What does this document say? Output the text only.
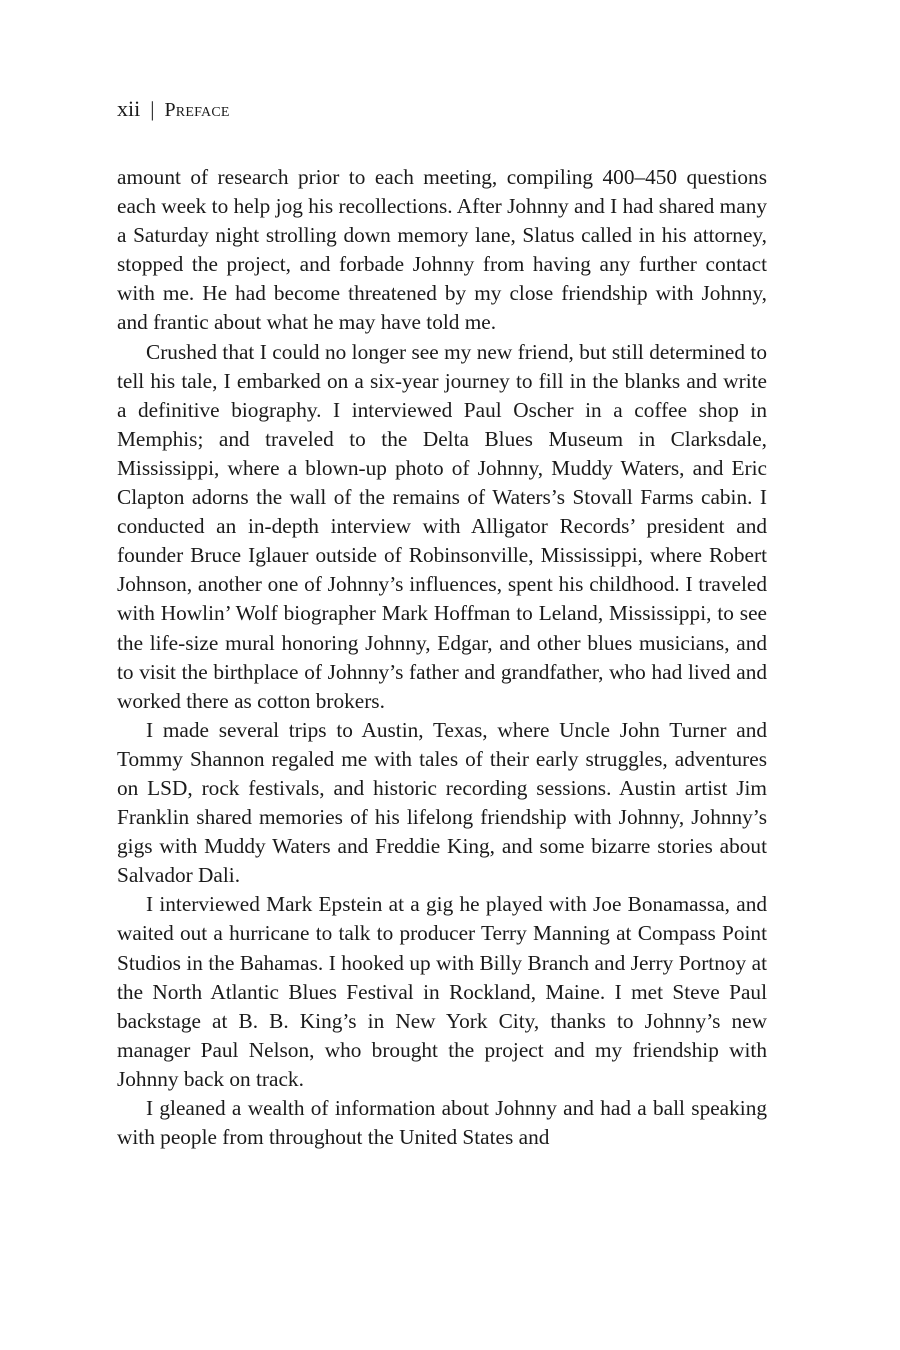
xii | Preface

amount of research prior to each meeting, compiling 400–450 questions each week to help jog his recollections. After Johnny and I had shared many a Saturday night strolling down memory lane, Slatus called in his attorney, stopped the project, and forbade Johnny from having any further contact with me. He had become threatened by my close friendship with Johnny, and frantic about what he may have told me.

Crushed that I could no longer see my new friend, but still determined to tell his tale, I embarked on a six-year journey to fill in the blanks and write a definitive biography. I interviewed Paul Oscher in a coffee shop in Memphis; and traveled to the Delta Blues Museum in Clarksdale, Mississippi, where a blown-up photo of Johnny, Muddy Waters, and Eric Clapton adorns the wall of the remains of Waters’s Stovall Farms cabin. I conducted an in-depth interview with Alligator Records’ president and founder Bruce Iglauer outside of Robinsonville, Mississippi, where Robert Johnson, another one of Johnny’s influences, spent his childhood. I traveled with Howlin’ Wolf biographer Mark Hoffman to Leland, Mississippi, to see the life-size mural honoring Johnny, Edgar, and other blues musicians, and to visit the birthplace of Johnny’s father and grandfather, who had lived and worked there as cotton brokers.

I made several trips to Austin, Texas, where Uncle John Turner and Tommy Shannon regaled me with tales of their early struggles, adventures on LSD, rock festivals, and historic recording sessions. Austin artist Jim Franklin shared memories of his lifelong friendship with Johnny, Johnny’s gigs with Muddy Waters and Freddie King, and some bizarre stories about Salvador Dali.

I interviewed Mark Epstein at a gig he played with Joe Bonamassa, and waited out a hurricane to talk to producer Terry Manning at Compass Point Studios in the Bahamas. I hooked up with Billy Branch and Jerry Portnoy at the North Atlantic Blues Festival in Rockland, Maine. I met Steve Paul backstage at B. B. King’s in New York City, thanks to Johnny’s new manager Paul Nelson, who brought the project and my friendship with Johnny back on track.

I gleaned a wealth of information about Johnny and had a ball speaking with people from throughout the United States and
